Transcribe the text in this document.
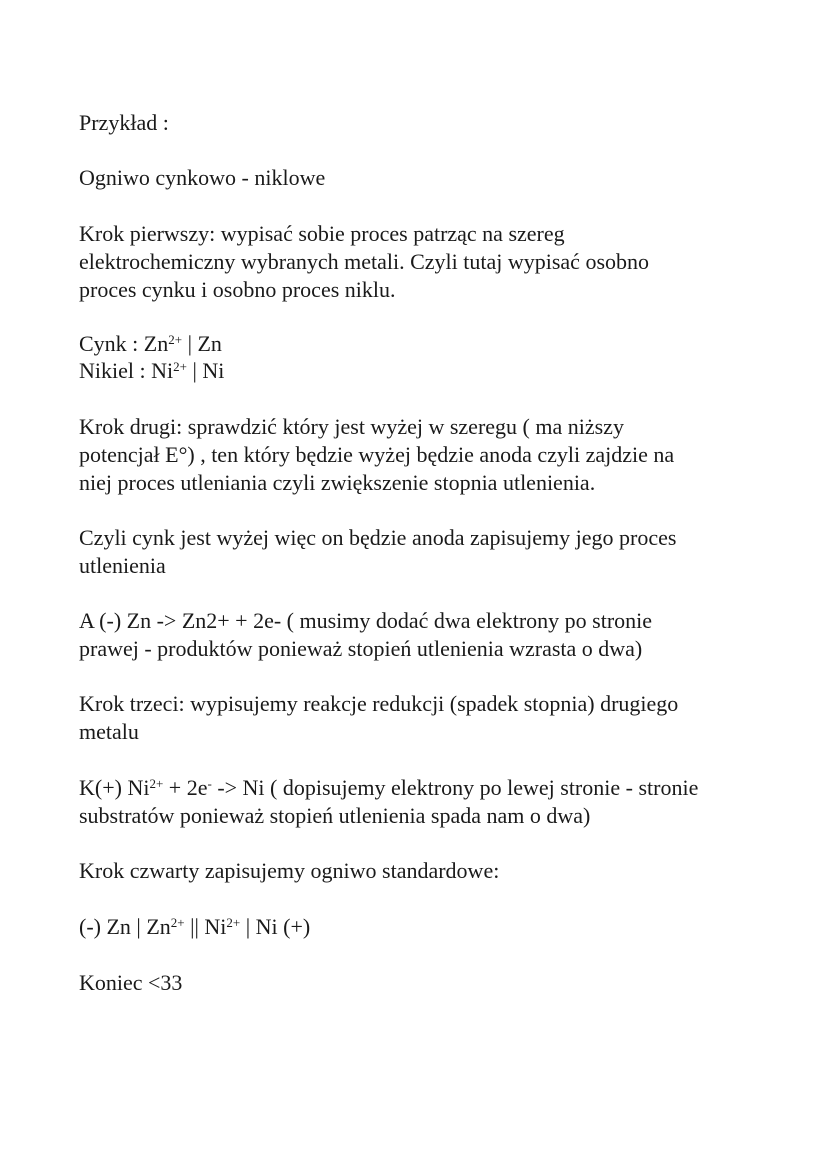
Przykład :

Ogniwo cynkowo - niklowe

Krok pierwszy: wypisać sobie proces patrząc na szereg

elektrochemiczny wybranych metali. Czyli tutaj wypisać osobno

proces cynku i osobno proces niklu.

Cynk : $Zn^{2+}$ | Zn

Nikiel : $Ni^{2+}$ | Ni

Krok drugi: sprawdzić który jest wyżej w szeregu ( ma niższy

potencjał E°) , ten który będzie wyżej będzie anoda czyli zajdzie na

niej proces utleniania czyli zwiększenie stopnia utlenienia.

Czyli cynk jest wyżej więc on będzie anoda zapisujemy jego proces

utlenienia

A (-) Zn -> Zn2+ + 2e- ( musimy dodać dwa elektrony po stronie

prawej - produktów ponieważ stopień utlenienia wzrasta o dwa)

Krok trzeci: wypisujemy reakcje redukcji (spadek stopnia) drugiego

metalu

K(+) $Ni^{2+} + 2e^- -> Ni$ ( dopisujemy elektrony po lewej stronie - stronie

substratów ponieważ stopień utlenienia spada nam o dwa)

Krok czwarty zapisujemy ogniwo standardowe:

(-) Zn | $Zn^{2+}$ || $Ni^{2+}$ | Ni (+)

Koniec <33
